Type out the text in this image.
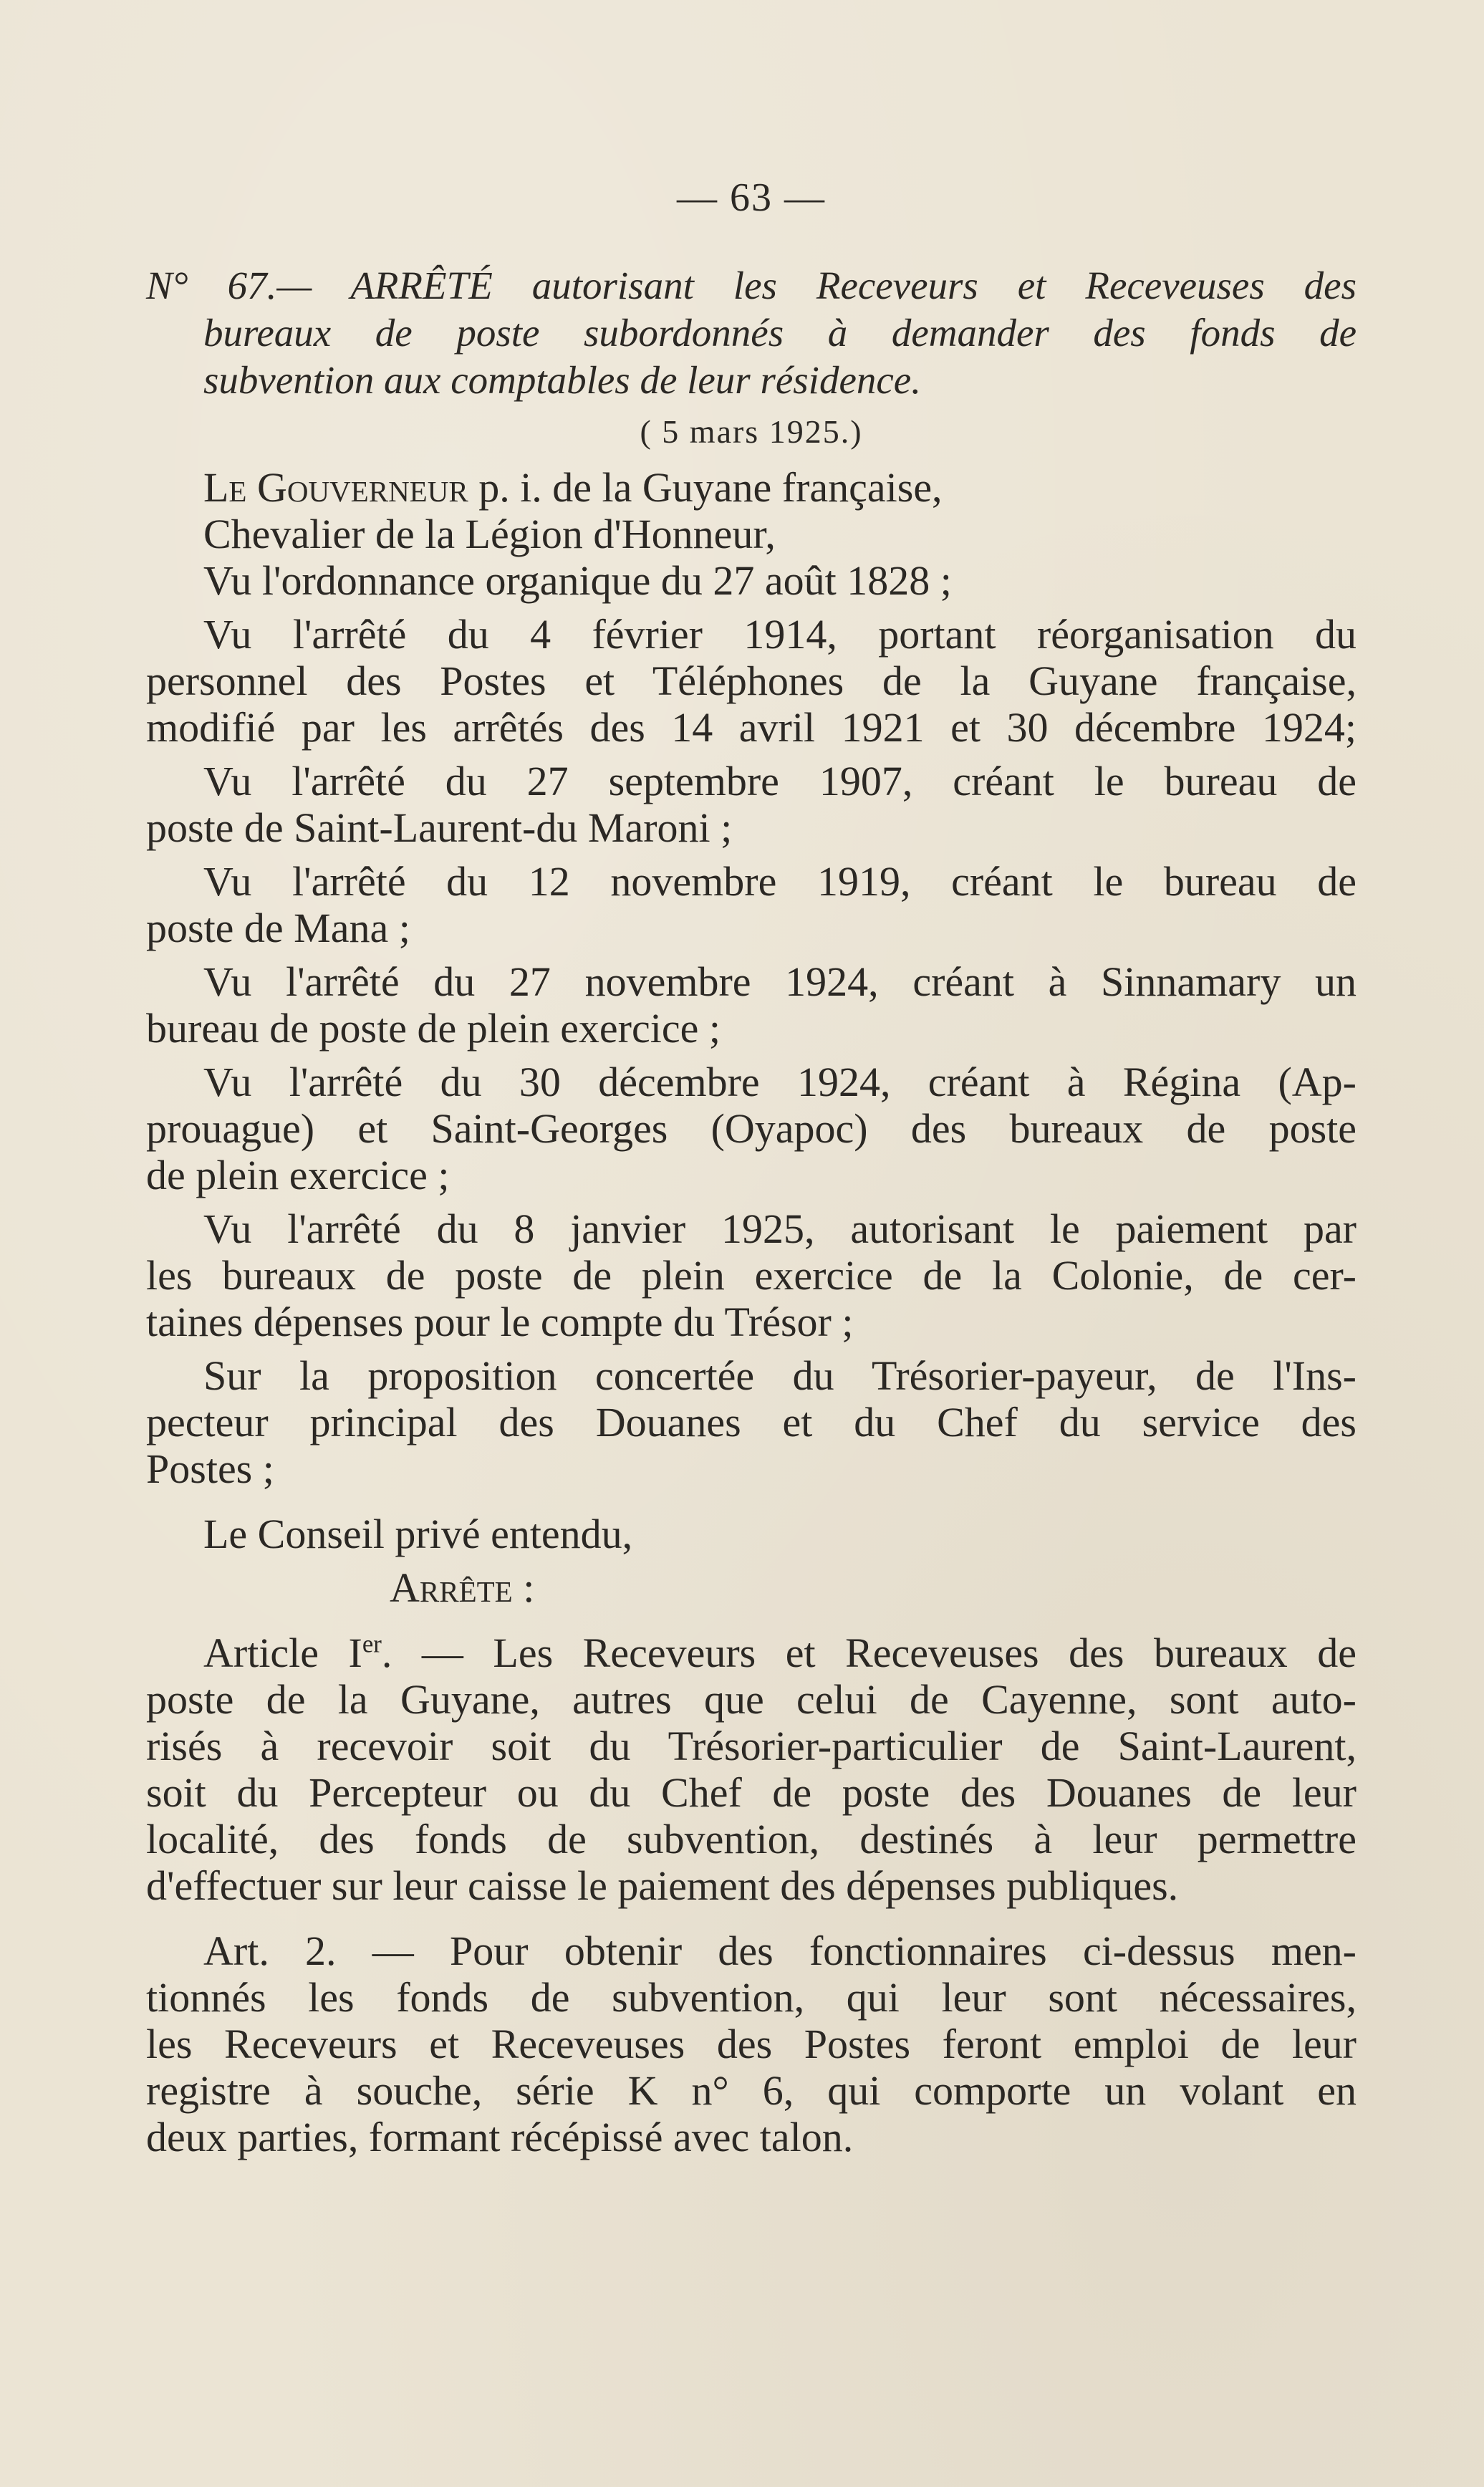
— 63 —
N° 67.— ARRÊTÉ autorisant les Receveurs et Receveuses des
bureaux de poste subordonnés à demander des fonds de
subvention aux comptables de leur résidence.
( 5 mars 1925.)
Le Gouverneur p. i. de la Guyane française,
Chevalier de la Légion d'Honneur,
Vu l'ordonnance organique du 27 août 1828 ;
Vu l'arrêté du 4 février 1914, portant réorganisation du
personnel des Postes et Téléphones de la Guyane française,
modifié par les arrêtés des 14 avril 1921 et 30 décembre 1924;
Vu l'arrêté du 27 septembre 1907, créant le bureau de
poste de Saint-Laurent-du Maroni ;
Vu l'arrêté du 12 novembre 1919, créant le bureau de
poste de Mana ;
Vu l'arrêté du 27 novembre 1924, créant à Sinnamary un
bureau de poste de plein exercice ;
Vu l'arrêté du 30 décembre 1924, créant à Régina (Ap-
prouague) et Saint-Georges (Oyapoc) des bureaux de poste
de plein exercice ;
Vu l'arrêté du 8 janvier 1925, autorisant le paiement par
les bureaux de poste de plein exercice de la Colonie, de cer-
taines dépenses pour le compte du Trésor ;
Sur la proposition concertée du Trésorier-payeur, de l'Ins-
pecteur principal des Douanes et du Chef du service des
Postes ;
Le Conseil privé entendu,
Arrête :
Article Ier. — Les Receveurs et Receveuses des bureaux de
poste de la Guyane, autres que celui de Cayenne, sont auto-
risés à recevoir soit du Trésorier-particulier de Saint-Laurent,
soit du Percepteur ou du Chef de poste des Douanes de leur
localité, des fonds de subvention, destinés à leur permettre
d'effectuer sur leur caisse le paiement des dépenses publiques.
Art. 2. — Pour obtenir des fonctionnaires ci-dessus men-
tionnés les fonds de subvention, qui leur sont nécessaires,
les Receveurs et Receveuses des Postes feront emploi de leur
registre à souche, série K n° 6, qui comporte un volant en
deux parties, formant récépissé avec talon.
